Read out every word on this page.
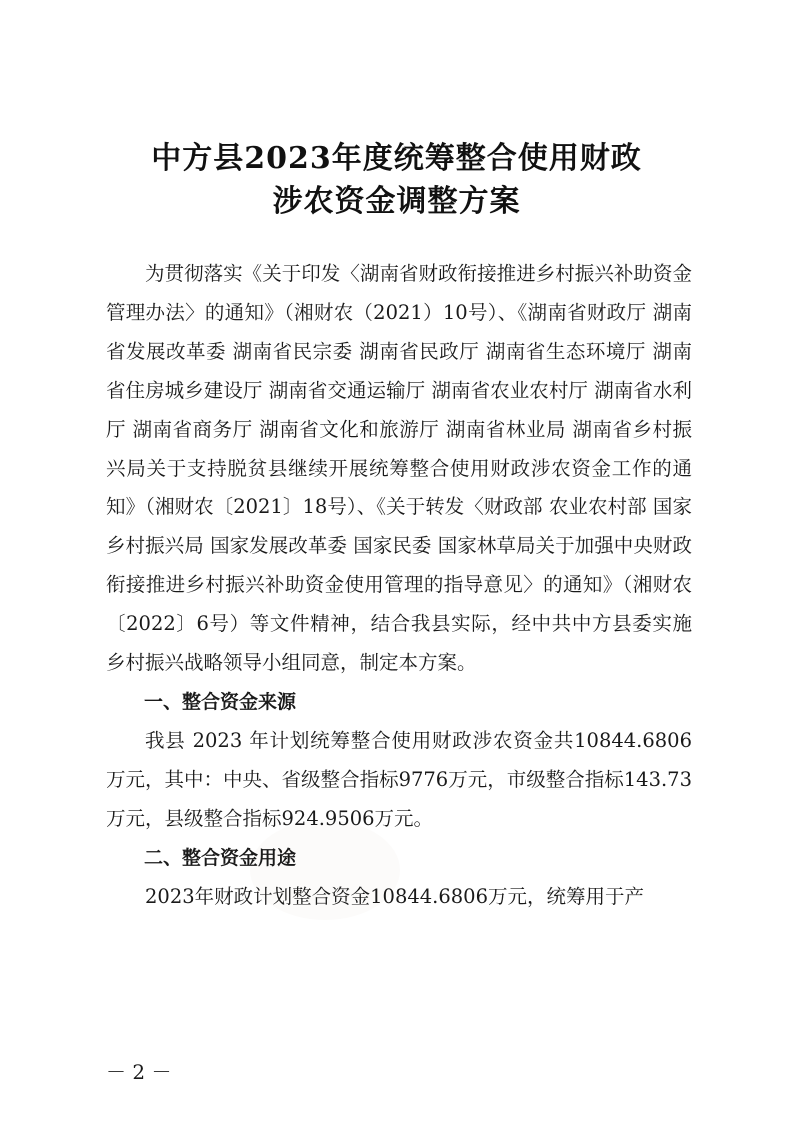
中方县2023年度统筹整合使用财政
涉农资金调整方案

为贯彻落实《关于印发〈湖南省财政衔接推进乡村振兴补助资金管理办法〉的通知》（湘财农（2021）10号）、《湖南省财政厅 湖南省发展改革委 湖南省民宗委 湖南省民政厅 湖南省生态环境厅 湖南省住房城乡建设厅 湖南省交通运输厅 湖南省农业农村厅 湖南省水利厅 湖南省商务厅 湖南省文化和旅游厅 湖南省林业局 湖南省乡村振兴局关于支持脱贫县继续开展统筹整合使用财政涉农资金工作的通知》（湘财农〔2021〕18号）、《关于转发〈财政部 农业农村部 国家乡村振兴局 国家发展改革委 国家民委 国家林草局关于加强中央财政衔接推进乡村振兴补助资金使用管理的指导意见〉的通知》（湘财农〔2022〕6号）等文件精神，结合我县实际，经中共中方县委实施乡村振兴战略领导小组同意，制定本方案。

一、整合资金来源

我县 2023 年计划统筹整合使用财政涉农资金共10844.6806万元，其中：中央、省级整合指标9776万元，市级整合指标143.73万元，县级整合指标924.9506万元。

二、整合资金用途

2023年财政计划整合资金10844.6806万元，统筹用于产

－ 2 －
